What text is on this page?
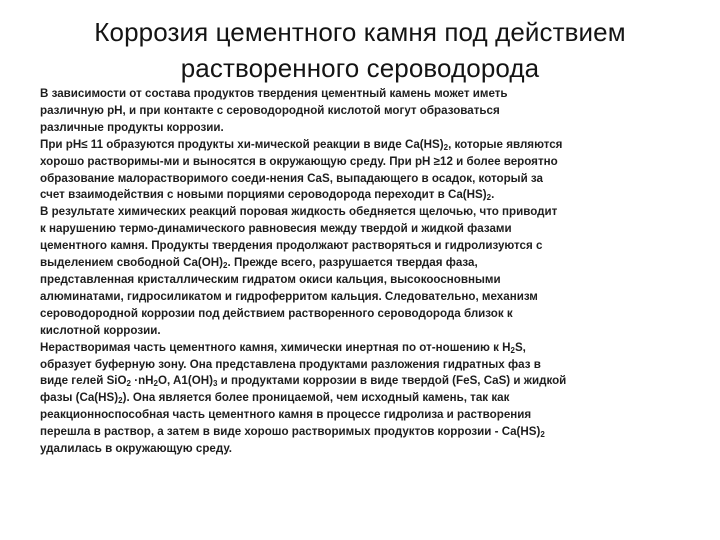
Коррозия цементного камня под действием
растворенного сероводорода

В зависимости от состава продуктов твердения цементный камень может иметь
различную pH, и при контакте с сероводородной кислотой могут образоваться
различные продукты коррозии.

При pH≤ 11 образуются продукты хи-мической реакции в виде $Ca(HS)_2$, которые являются
хорошо растворимы-ми и выносятся в окружающую среду. При pH ≥12 и более вероятно
образование малорастворимого соеди-нения CaS, выпадающего в осадок, который за
счет взаимодействия с новыми порциями сероводорода переходит в $Ca(HS)_2$.

В результате химических реакций поровая жидкость обедняется щелочью, что приводит
к нарушению термо-динамического равновесия между твердой и жидкой фазами
цементного камня. Продукты твердения продолжают растворяться и гидролизуются с
выделением свободной $Ca(OH)_2$. Прежде всего, разрушается твердая фаза,
представленная кристаллическим гидратом окиси кальция, высокоосновными
алюминатами, гидросиликатом и гидроферритом кальция. Следовательно, механизм
сероводородной коррозии под действием растворенного сероводорода близок к
кислотной коррозии.

Нерастворимая часть цементного камня, химически инертная по от-ношению к $H_2S$,
образует буферную зону. Она представлена продуктами разложения гидратных фаз в
виде гелей $SiO_2 \cdot nH_2O$, $A1(OH)_3$ и продуктами коррозии в виде твердой (FeS, CaS) и жидкой
фазы $(Ca(HS)_2)$. Она является более проницаемой, чем исходный камень, так как
реакционноспособная часть цементного камня в процессе гидролиза и растворения
перешла в раствор, а затем в виде хорошо растворимых продуктов коррозии - $Ca(HS)_2$
удалилась в окружающую среду.
